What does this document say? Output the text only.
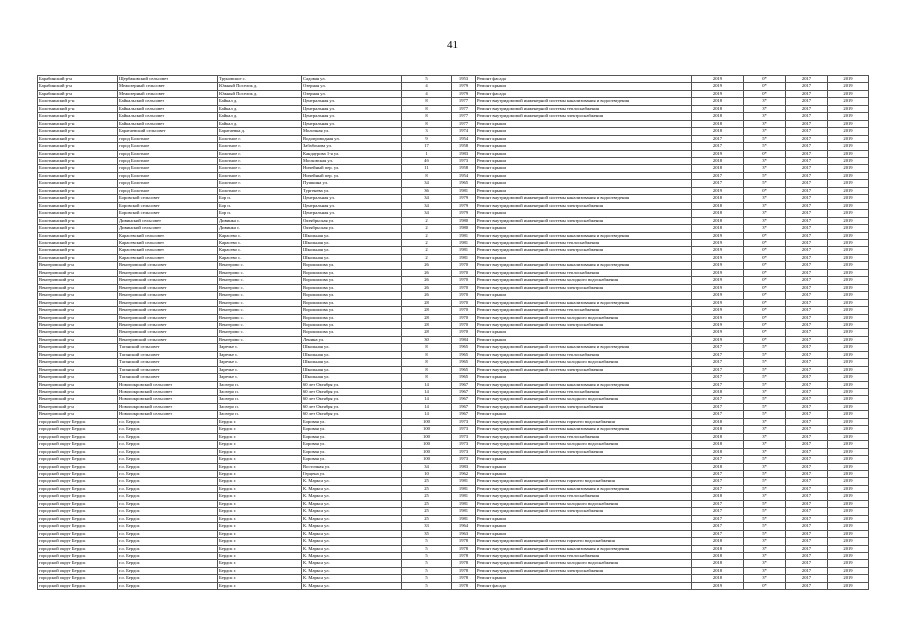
41
Барабинский р-н	Щербаковский сельсовет	Труновское с.	Садовая ул.	5	1953	Ремонт фасада	2019	0*	2017	2019
Барабинский р-н	Межозерный сельсовет	Южный Поселок д.	Озерная ул.	4	1979	Ремонт крыши	2019	0*	2017	2019
Барабинский р-н	Межозерный сельсовет	Южный Поселок д.	Озерная ул.	4	1979	Ремонт фасада	2019	0*	2017	2019
Болотнинский р-н	Байкальский сельсовет	Байкал д.	Центральная ул.	8	1977	Ремонт внутридомовой инженерной системы канализования и водоотведения	2018	3*	2017	2019
Болотнинский р-н	Байкальский сельсовет	Байкал д.	Центральная ул.	8	1977	Ремонт внутридомовой инженерной системы теплоснабжения	2018	3*	2017	2019
Болотнинский р-н	Байкальский сельсовет	Байкал д.	Центральная ул.	8	1977	Ремонт внутридомовой инженерной системы электроснабжения	2018	3*	2017	2019
Болотнинский р-н	Байкальский сельсовет	Байкал д.	Центральная ул.	8	1977	Ремонт крыши	2018	3*	2017	2019
Болотнинский р-н	Баратаевский сельсовет	Баратаевка д.	Молочная ул.	3	1974	Ремонт крыши	2018	3*	2017	2019
Болотнинский р-н	город Болотное	Болотное г.	Водопроводная ул.	9	1954	Ремонт крыши	2017	5*	2017	2019
Болотнинский р-н	город Болотное	Болотное г.	Забабонова ул.	17	1958	Ремонт крыши	2017	5*	2017	2019
Болотнинский р-н	город Болотное	Болотное г.	Кандаурова 1-я ул.	1	1983	Ремонт крыши	2019	0*	2017	2019
Болотнинский р-н	город Болотное	Болотное г.	Московская ул.	4б	1973	Ремонт крыши	2018	3*	2017	2019
Болотнинский р-н	город Болотное	Болотное г.	Ничейный пер. ул.	11	1958	Ремонт крыши	2018	3*	2017	2019
Болотнинский р-н	город Болотное	Болотное г.	Ничейный пер. ул.	8	1954	Ремонт крыши	2017	5*	2017	2019
Болотнинский р-н	город Болотное	Болотное г.	Пушкина ул.	34	1965	Ремонт крыши	2017	5*	2017	2019
Болотнинский р-н	город Болотное	Болотное г.	Тургенева ул.	36	1981	Ремонт крыши	2019	0*	2017	2019
Болотнинский р-н	Боровской сельсовет	Бор п.	Центральная ул.	34	1979	Ремонт внутридомовой инженерной системы канализования и водоотведения	2018	3*	2017	2019
Болотнинский р-н	Боровской сельсовет	Бор п.	Центральная ул.	34	1979	Ремонт внутридомовой инженерной системы электроснабжения	2018	3*	2017	2019
Болотнинский р-н	Боровской сельсовет	Бор п.	Центральная ул.	34	1979	Ремонт крыши	2018	3*	2017	2019
Болотнинский р-н	Дивинский сельсовет	Дивинка с.	Октябрьская ул.	2	1980	Ремонт внутридомовой инженерной системы электроснабжения	2018	3*	2017	2019
Болотнинский р-н	Дивинский сельсовет	Дивинка с.	Октябрьская ул.	2	1980	Ремонт крыши	2018	3*	2017	2019
Болотнинский р-н	Карасевский сельсовет	Карасево с.	Школьная ул.	2	1981	Ремонт внутридомовой инженерной системы канализования и водоотведения	2019	0*	2017	2019
Болотнинский р-н	Карасевский сельсовет	Карасево с.	Школьная ул.	2	1981	Ремонт внутридомовой инженерной системы теплоснабжения	2019	0*	2017	2019
Болотнинский р-н	Карасевский сельсовет	Карасево с.	Школьная ул.	2	1981	Ремонт внутридомовой инженерной системы электроснабжения	2019	0*	2017	2019
Болотнинский р-н	Карасевский сельсовет	Карасево с.	Школьная ул.	2	1981	Ремонт крыши	2019	0*	2017	2019
Венгеровский р-н	Венгеровский сельсовет	Венгерово с.	Ворошилова ул.	26	1970	Ремонт внутридомовой инженерной системы канализования и водоотведения	2019	0*	2017	2019
Венгеровский р-н	Венгеровский сельсовет	Венгерово с.	Ворошилова ул.	26	1970	Ремонт внутридомовой инженерной системы теплоснабжения	2019	0*	2017	2019
Венгеровский р-н	Венгеровский сельсовет	Венгерово с.	Ворошилова ул.	26	1970	Ремонт внутридомовой инженерной системы холодного водоснабжения	2019	0*	2017	2019
Венгеровский р-н	Венгеровский сельсовет	Венгерово с.	Ворошилова ул.	26	1970	Ремонт внутридомовой инженерной системы электроснабжения	2019	0*	2017	2019
Венгеровский р-н	Венгеровский сельсовет	Венгерово с.	Ворошилова ул.	26	1970	Ремонт крыши	2019	0*	2017	2019
Венгеровский р-н	Венгеровский сельсовет	Венгерово с.	Ворошилова ул.	28	1970	Ремонт внутридомовой инженерной системы канализования и водоотведения	2019	0*	2017	2019
Венгеровский р-н	Венгеровский сельсовет	Венгерово с.	Ворошилова ул.	28	1970	Ремонт внутридомовой инженерной системы теплоснабжения	2019	0*	2017	2019
Венгеровский р-н	Венгеровский сельсовет	Венгерово с.	Ворошилова ул.	28	1970	Ремонт внутридомовой инженерной системы холодного водоснабжения	2019	0*	2017	2019
Венгеровский р-н	Венгеровский сельсовет	Венгерово с.	Ворошилова ул.	28	1970	Ремонт внутридомовой инженерной системы электроснабжения	2019	0*	2017	2019
Венгеровский р-н	Венгеровский сельсовет	Венгерово с.	Ворошилова ул.	28	1970	Ремонт крыши	2019	0*	2017	2019
Венгеровский р-н	Венгеровский сельсовет	Венгерово с.	Ленина ул.	30	1984	Ремонт крыши	2019	0*	2017	2019
Венгеровский р-н	Таганский сельсовет	Заречье с.	Школьная ул.	8	1965	Ремонт внутридомовой инженерной системы канализования и водоотведения	2017	5*	2017	2019
Венгеровский р-н	Таганский сельсовет	Заречье с.	Школьная ул.	8	1965	Ремонт внутридомовой инженерной системы теплоснабжения	2017	5*	2017	2019
Венгеровский р-н	Таганский сельсовет	Заречье с.	Школьная ул.	8	1965	Ремонт внутридомовой инженерной системы холодного водоснабжения	2017	5*	2017	2019
Венгеровский р-н	Таганский сельсовет	Заречье с.	Школьная ул.	8	1965	Ремонт внутридомовой инженерной системы электроснабжения	2017	5*	2017	2019
Венгеровский р-н	Таганский сельсовет	Заречье с.	Школьная ул.	8	1965	Ремонт крыши	2017	5*	2017	2019
Венгеровский р-н	Новопокровский сельсовет	Заозеро п.	60 лет Октября ул.	14	1967	Ремонт внутридомовой инженерной системы канализования и водоотведения	2017	5*	2017	2019
Венгеровский р-н	Новопокровский сельсовет	Заозеро п.	60 лет Октября ул.	14	1967	Ремонт внутридомовой инженерной системы теплоснабжения	2018	3*	2017	2019
Венгеровский р-н	Новопокровский сельсовет	Заозеро п.	60 лет Октября ул.	14	1967	Ремонт внутридомовой инженерной системы холодного водоснабжения	2017	5*	2017	2019
Венгеровский р-н	Новопокровский сельсовет	Заозеро п.	60 лет Октября ул.	14	1967	Ремонт внутридомовой инженерной системы электроснабжения	2017	5*	2017	2019
Венгеровский р-н	Новопокровский сельсовет	Заозеро п.	60 лет Октября ул.	14	1967	Ремонт крыши	2017	5*	2017	2019
городской округ Бердск	г.о. Бердск	Бердск г.	Боровая ул.	100	1973	Ремонт внутридомовой инженерной системы горячего водоснабжения	2018	3*	2017	2019
городской округ Бердск	г.о. Бердск	Бердск г.	Боровая ул.	100	1973	Ремонт внутридомовой инженерной системы канализования и водоотведения	2018	3*	2017	2019
городской округ Бердск	г.о. Бердск	Бердск г.	Боровая ул.	100	1973	Ремонт внутридомовой инженерной системы теплоснабжения	2018	3*	2017	2019
городской округ Бердск	г.о. Бердск	Бердск г.	Боровая ул.	100	1973	Ремонт внутридомовой инженерной системы холодного водоснабжения	2018	3*	2017	2019
городской округ Бердск	г.о. Бердск	Бердск г.	Боровая ул.	100	1973	Ремонт внутридомовой инженерной системы электроснабжения	2018	3*	2017	2019
городской округ Бердск	г.о. Бердск	Бердск г.	Боровая ул.	100	1973	Ремонт крыши	2017	5*	2017	2019
городской округ Бердск	г.о. Бердск	Бердск г.	Восточная ул.	34	1983	Ремонт крыши	2018	3*	2017	2019
городской округ Бердск	г.о. Бердск	Бердск г.	Герцена ул.	10	1962	Ремонт крыши	2017	5*	2017	2019
городской округ Бердск	г.о. Бердск	Бердск г.	К. Маркса ул.	25	1981	Ремонт внутридомовой инженерной системы горячего водоснабжения	2017	5*	2017	2019
городской округ Бердск	г.о. Бердск	Бердск г.	К. Маркса ул.	25	1981	Ремонт внутридомовой инженерной системы канализования и водоотведения	2017	5*	2017	2019
городской округ Бердск	г.о. Бердск	Бердск г.	К. Маркса ул.	25	1981	Ремонт внутридомовой инженерной системы теплоснабжения	2018	3*	2017	2019
городской округ Бердск	г.о. Бердск	Бердск г.	К. Маркса ул.	25	1981	Ремонт внутридомовой инженерной системы холодного водоснабжения	2017	5*	2017	2019
городской округ Бердск	г.о. Бердск	Бердск г.	К. Маркса ул.	25	1981	Ремонт внутридомовой инженерной системы электроснабжения	2017	5*	2017	2019
городской округ Бердск	г.о. Бердск	Бердск г.	К. Маркса ул.	25	1981	Ремонт крыши	2017	5*	2017	2019
городской округ Бердск	г.о. Бердск	Бердск г.	К. Маркса ул.	33	1964	Ремонт крыши	2017	5*	2017	2019
городской округ Бердск	г.о. Бердск	Бердск г.	К. Маркса ул.	35	1963	Ремонт крыши	2017	5*	2017	2019
городской округ Бердск	г.о. Бердск	Бердск г.	К. Маркса ул.	5	1978	Ремонт внутридомовой инженерной системы горячего водоснабжения	2018	3*	2017	2019
городской округ Бердск	г.о. Бердск	Бердск г.	К. Маркса ул.	5	1978	Ремонт внутридомовой инженерной системы канализования и водоотведения	2018	3*	2017	2019
городской округ Бердск	г.о. Бердск	Бердск г.	К. Маркса ул.	5	1978	Ремонт внутридомовой инженерной системы теплоснабжения	2018	3*	2017	2019
городской округ Бердск	г.о. Бердск	Бердск г.	К. Маркса ул.	5	1978	Ремонт внутридомовой инженерной системы холодного водоснабжения	2018	3*	2017	2019
городской округ Бердск	г.о. Бердск	Бердск г.	К. Маркса ул.	5	1978	Ремонт внутридомовой инженерной системы электроснабжения	2018	3*	2017	2019
городской округ Бердск	г.о. Бердск	Бердск г.	К. Маркса ул.	5	1978	Ремонт крыши	2018	3*	2017	2019
городской округ Бердск	г.о. Бердск	Бердск г.	К. Маркса ул.	5	1978	Ремонт фасада	2019	0*	2017	2019
